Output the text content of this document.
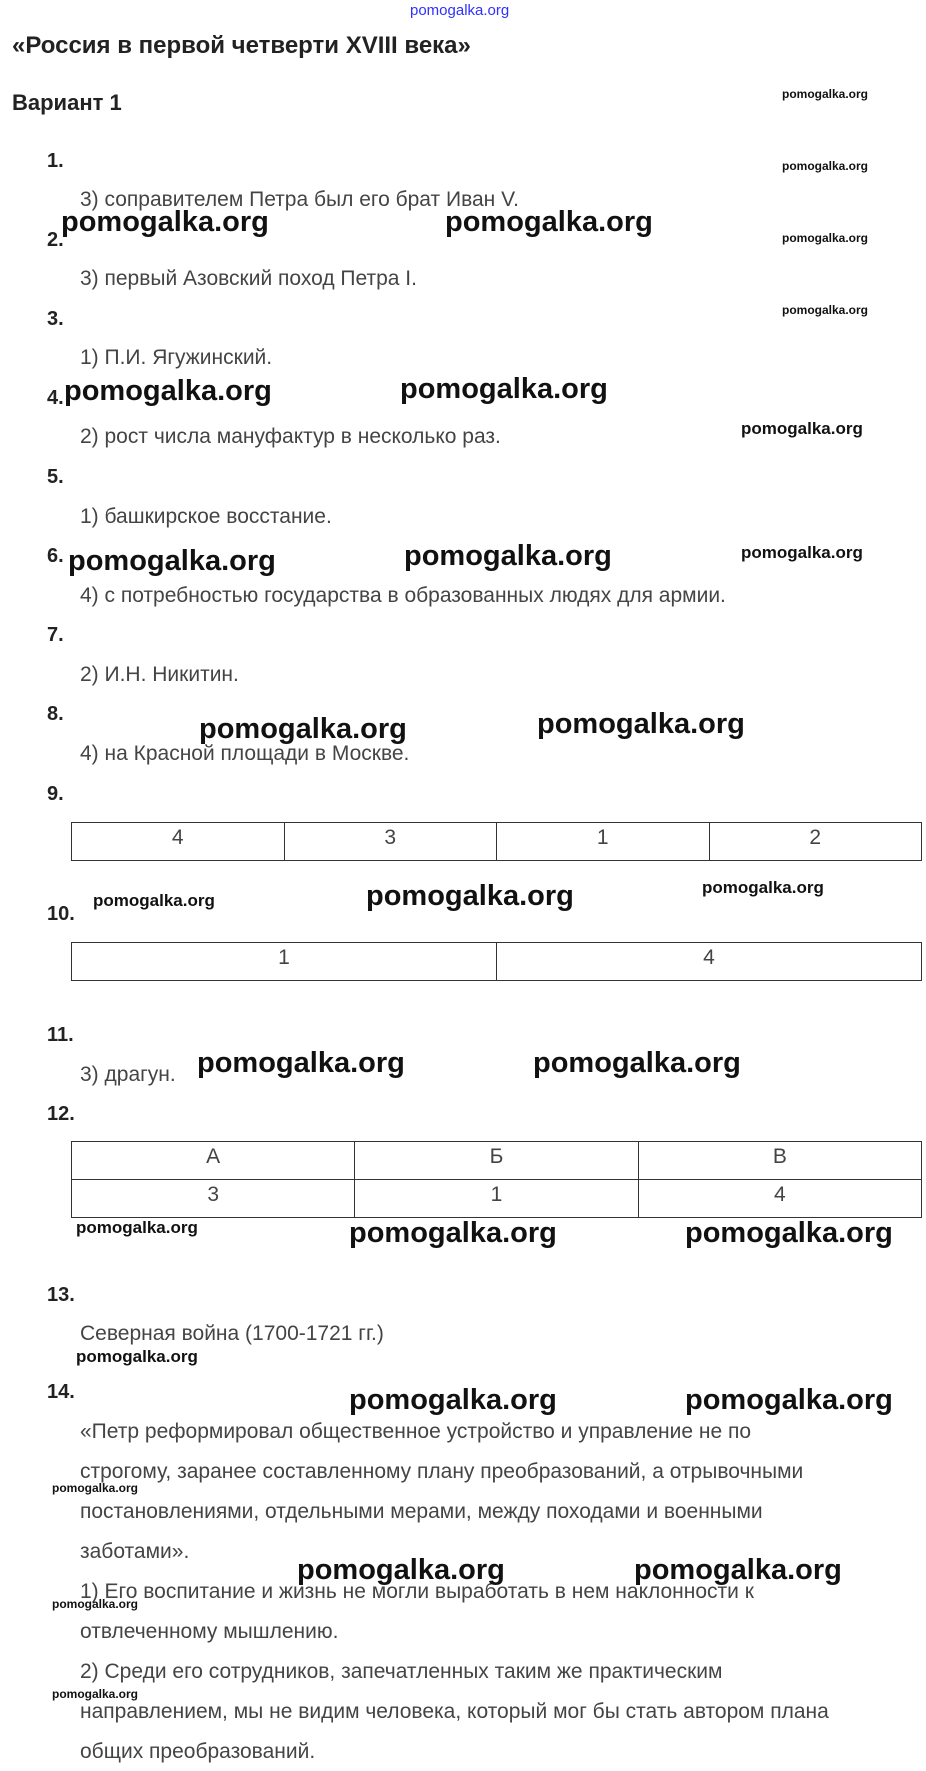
pomogalka.org
«Россия в первой четверти XVIII века»
Вариант 1
1.
2.
3.
4.
5.
6.
7.
8.
9.
10.
11.
12.
13.
14.
3) соправителем Петра был его брат Иван V.
3) первый Азовский поход Петра I.
1) П.И. Ягужинский.
2) рост числа мануфактур в несколько раз.
1) башкирское восстание.
4) с потребностью государства в образованных людях для армии.
2) И.Н. Никитин.
4) на Красной площади в Москве.
3) драгун.
Северная война (1700-1721 гг.)
4	3	1	2
1	4
А	Б	В
3	1	4
«Петр реформировал общественное устройство и управление не по
строгому, заранее составленному плану преобразований, а отрывочными
постановлениями, отдельными мерами, между походами и военными
заботами».
1) Его воспитание и жизнь не могли выработать в нем наклонности к
отвлеченному мышлению.
2) Среди его сотрудников, запечатленных таким же практическим
направлением, мы не видим человека, который мог бы стать автором плана
общих преобразований.
pomogalka.org
pomogalka.org
pomogalka.org
pomogalka.org
pomogalka.org	pomogalka.org
pomogalka.org	pomogalka.org
pomogalka.org
pomogalka.org	pomogalka.org	pomogalka.org
pomogalka.org	pomogalka.org
pomogalka.org	pomogalka.org	pomogalka.org
pomogalka.org	pomogalka.org
pomogalka.org	pomogalka.org	pomogalka.org
pomogalka.org
pomogalka.org	pomogalka.org
pomogalka.org
pomogalka.org	pomogalka.org
pomogalka.org
pomogalka.org
